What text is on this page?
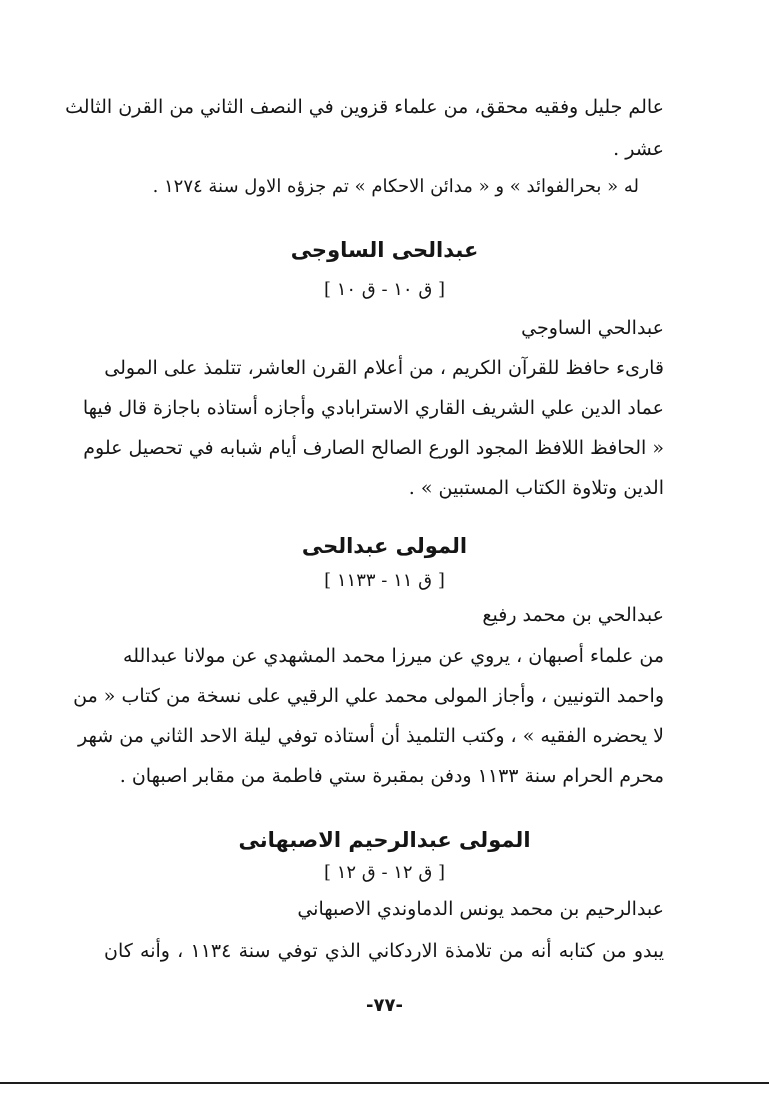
عالم جليل وفقيه محقق، من علماء قزوين في النصف الثاني من القرن الثالث
عشر .
له « بحرالفوائد » و « مدائن الاحكام » تم جزؤه الاول سنة ١٢٧٤ .
عبدالحی الساوجی
[ ق ١٠ - ق ١٠ ]
عبدالحي الساوجي
قارىء حافظ للقرآن الكريم ، من أعلام القرن العاشر، تتلمذ على المولى
عماد الدين علي الشريف القاري الاسترابادي وأجازه أستاذه باجازة قال فيها
« الحافظ اللافظ المجود الورع الصالح الصارف أيام شبابه في تحصيل علوم
الدين وتلاوة الكتاب المستبين » .
المولی عبدالحی
[ ق ١١ - ١١٣٣ ]
عبدالحي بن محمد رفيع
من علماء أصبهان ، يروي عن ميرزا محمد المشهدي عن مولانا عبدالله
واحمد التونيين ، وأجاز المولى محمد علي الرقيي على نسخة من كتاب « من
لا يحضره الفقيه » ، وكتب التلميذ أن أستاذه توفي ليلة الاحد الثاني من شهر
محرم الحرام سنة ١١٣٣ ودفن بمقبرة ستي فاطمة من مقابر اصبهان .
المولی عبدالرحیم الاصبهانی
[ ق ١٢ - ق ١٢ ]
عبدالرحيم بن محمد يونس الدماوندي الاصبهاني
يبدو من كتابه أنه من تلامذة الاردكاني الذي توفي سنة ١١٣٤ ، وأنه كان
-٧٧-
